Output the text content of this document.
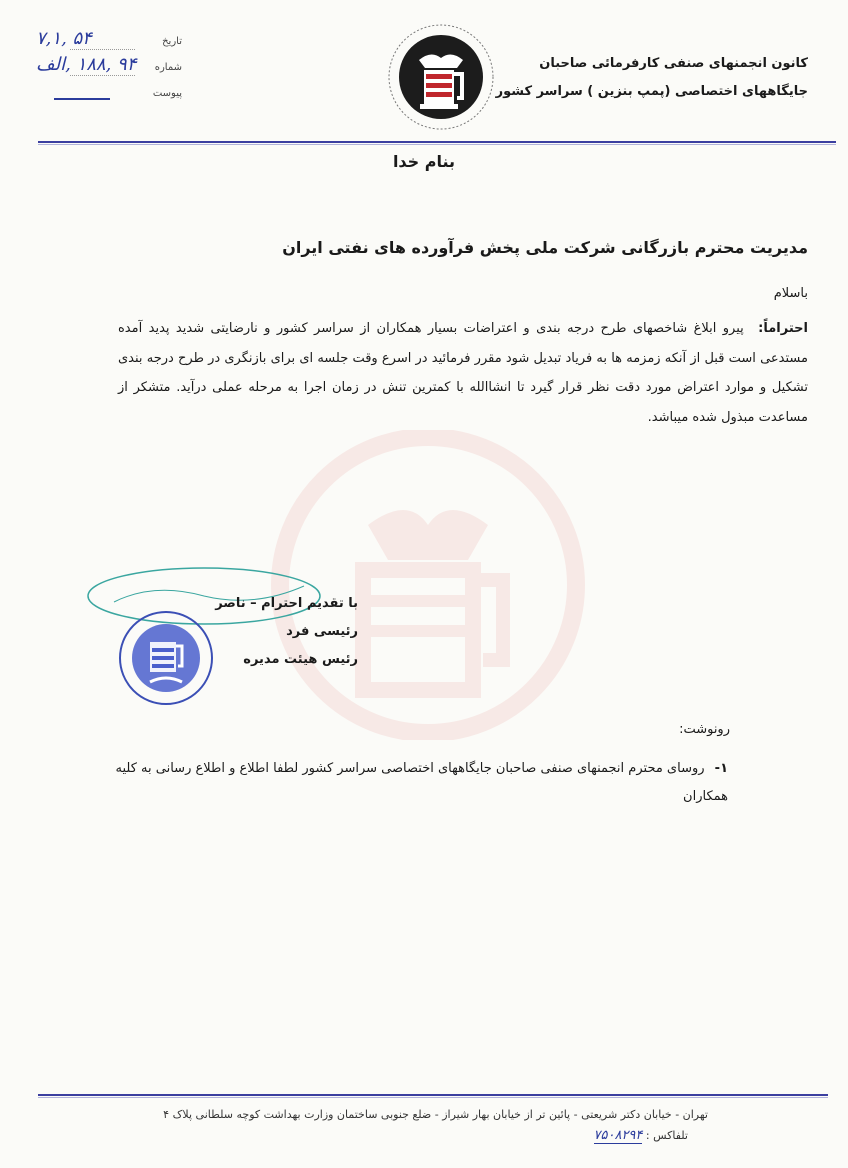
کانون انجمنهای صنفی کارفرمائی صاحبان
جایگاههای اختصاصی (پمپ بنزین ) سراسر کشور
۵۴ ,۷,۱	تاریخ
۹۴ ,۱۸۸ ,الف شماره
پیوست
بنام خدا
مدیریت محترم بازرگانی شرکت ملی پخش فرآورده های نفتی ایران
باسلام
احتراماً: پیرو ابلاغ شاخصهای طرح درجه بندی و اعتراضات بسیار همکاران از سراسر کشور و نارضایتی شدید پدید آمده مستدعی است قبل از آنکه زمزمه ها به فریاد تبدیل شود مقرر فرمائید در اسرع وقت جلسه ای برای بازنگری در طرح درجه بندی تشکیل و موارد اعتراض مورد دقت نظر قرار گیرد تا انشاالله با کمترین تنش در زمان اجرا به مرحله عملی درآید. متشکر از مساعدت مبذول شده میباشد.
با تقدیم احترام – ناصر رئیسی فرد
رئیس هیئت مدیره
رونوشت:
۱- روسای محترم انجمنهای صنفی صاحبان جایگاههای اختصاصی سراسر کشور لطفا اطلاع و اطلاع رسانی به کلیه همکاران
تهران - خیابان دکتر شریعتی - پائین تر از خیابان بهار شیراز - ضلع جنوبی ساختمان وزارت بهداشت کوچه سلطانی پلاک ۴
تلفاکس : ۷۵۰۸۲۹۴
